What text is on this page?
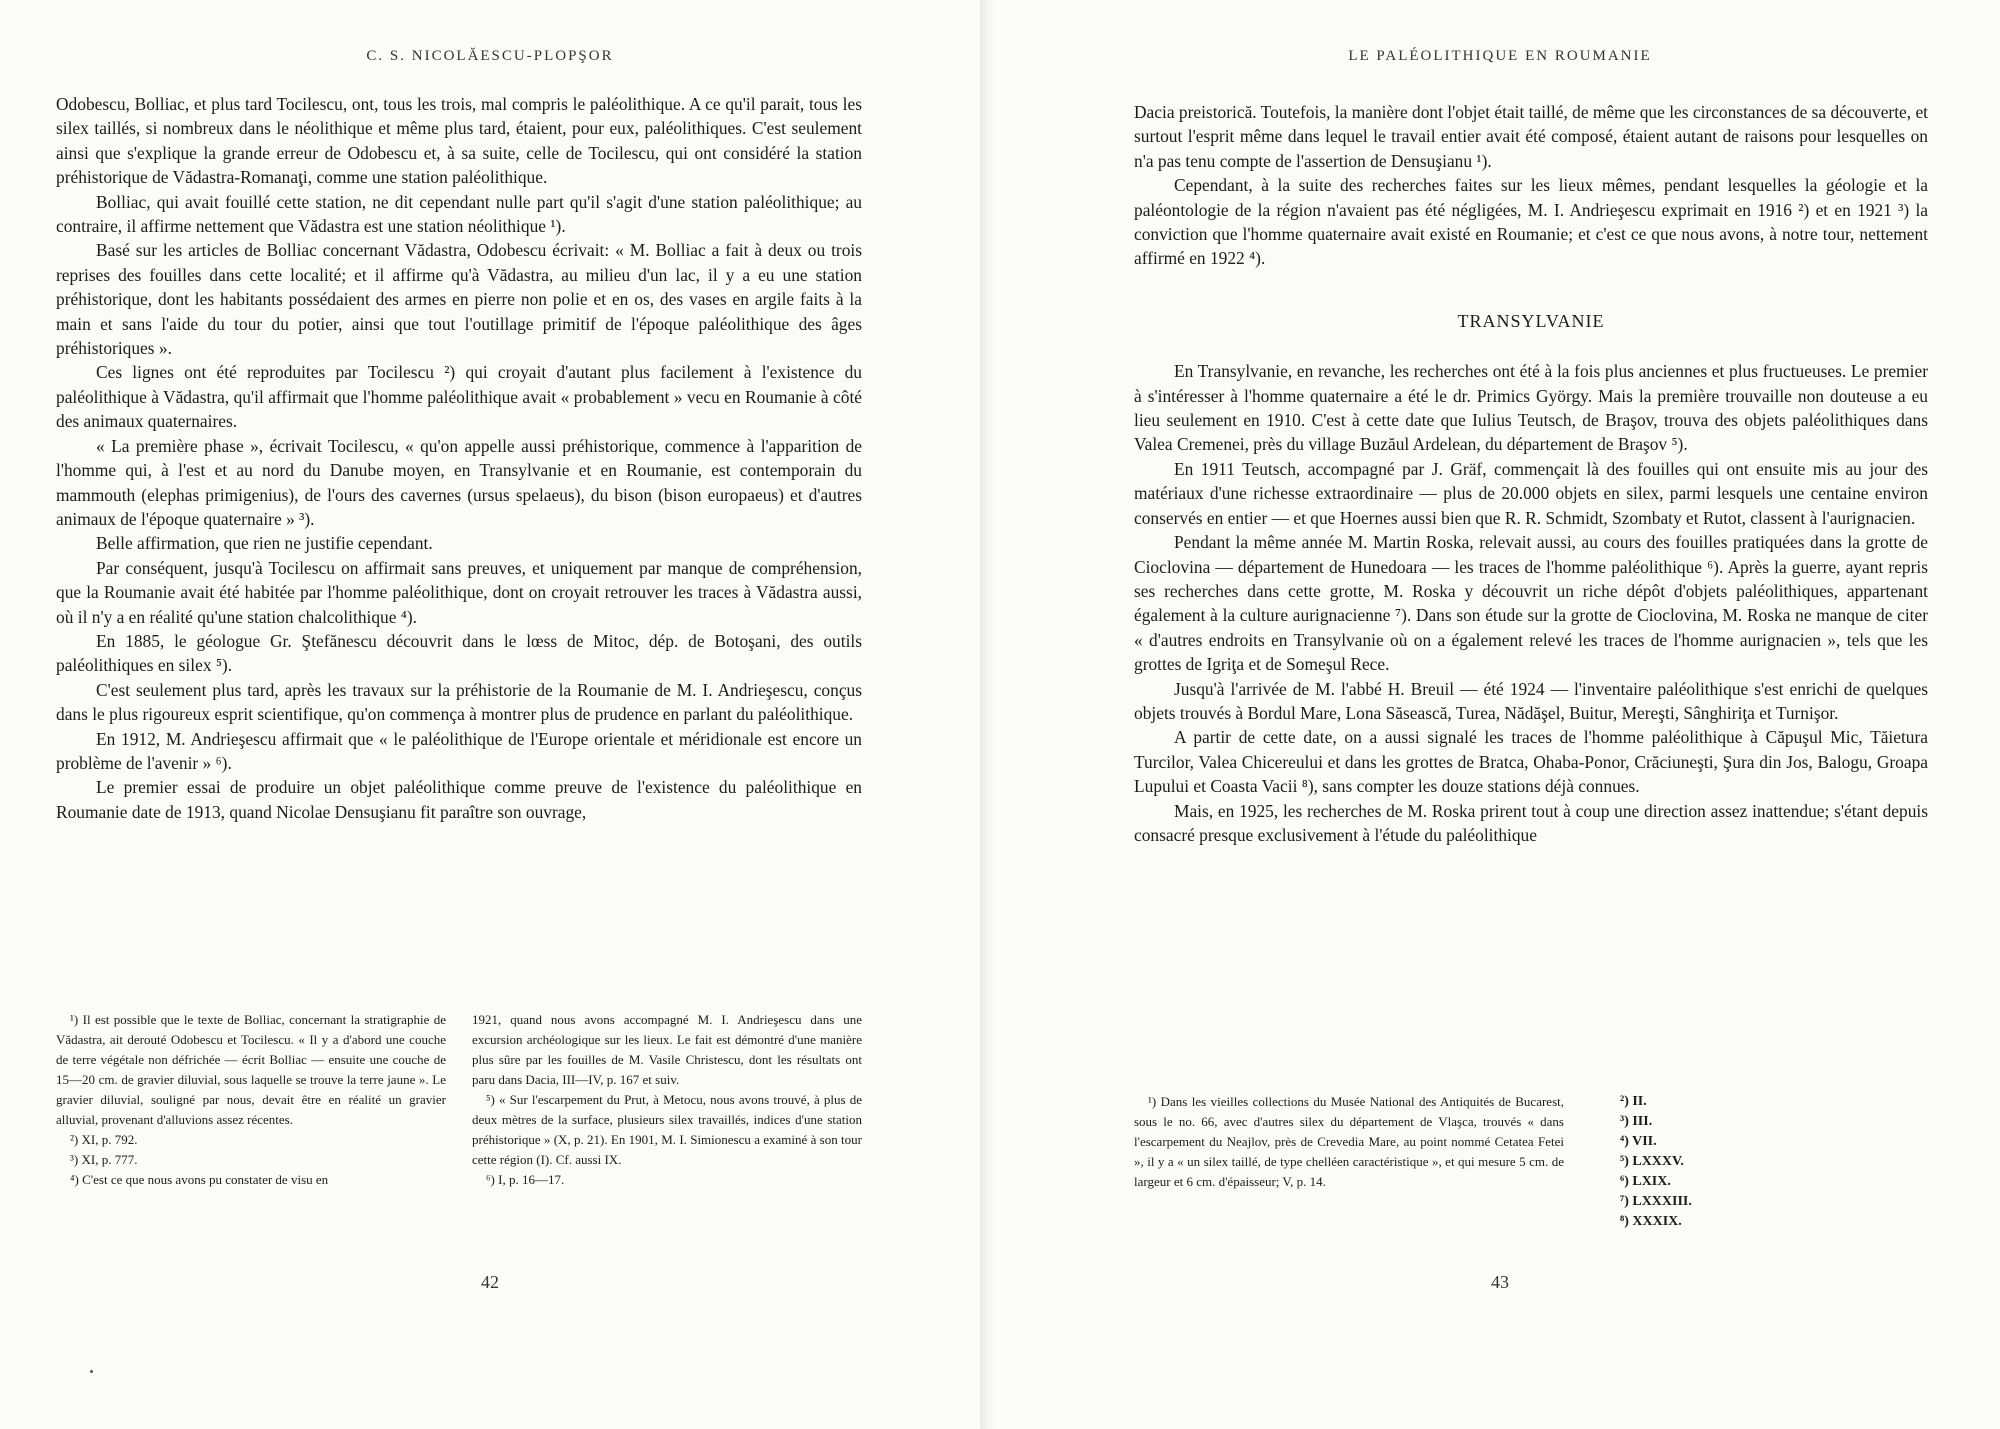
C. S. NICOLĂESCU-PLOPŞOR

Odobescu, Bolliac, et plus tard Tocilescu, ont, tous les trois, mal compris le paléolithique. A ce qu'il parait, tous les silex taillés, si nombreux dans le néolithique et même plus tard, étaient, pour eux, paléolithiques. C'est seulement ainsi que s'explique la grande erreur de Odobescu et, à sa suite, celle de Tocilescu, qui ont considéré la station préhistorique de Vădastra-Romanaţi, comme une station paléolithique.

Bolliac, qui avait fouillé cette station, ne dit cependant nulle part qu'il s'agit d'une station paléolithique; au contraire, il affirme nettement que Vădastra est une station néolithique ¹).

Basé sur les articles de Bolliac concernant Vădastra, Odobescu écrivait: « M. Bolliac a fait à deux ou trois reprises des fouilles dans cette localité; et il affirme qu'à Vădastra, au milieu d'un lac, il y a eu une station préhistorique, dont les habitants possédaient des armes en pierre non polie et en os, des vases en argile faits à la main et sans l'aide du tour du potier, ainsi que tout l'outillage primitif de l'époque paléolithique des âges préhistoriques ».

Ces lignes ont été reproduites par Tocilescu ²) qui croyait d'autant plus facilement à l'existence du paléolithique à Vădastra, qu'il affirmait que l'homme paléolithique avait « probablement » vecu en Roumanie à côté des animaux quaternaires.

« La première phase », écrivait Tocilescu, « qu'on appelle aussi préhistorique, commence à l'apparition de l'homme qui, à l'est et au nord du Danube moyen, en Transylvanie et en Roumanie, est contemporain du mammouth (elephas primigenius), de l'ours des cavernes (ursus spelaeus), du bison (bison europaeus) et d'autres animaux de l'époque quaternaire » ³).

Belle affirmation, que rien ne justifie cependant.

Par conséquent, jusqu'à Tocilescu on affirmait sans preuves, et uniquement par manque de compréhension, que la Roumanie avait été habitée par l'homme paléolithique, dont on croyait retrouver les traces à Vădastra aussi, où il n'y a en réalité qu'une station chalcolithique ⁴).

En 1885, le géologue Gr. Ştefănescu découvrit dans le lœss de Mitoc, dép. de Botoşani, des outils paléolithiques en silex ⁵).

C'est seulement plus tard, après les travaux sur la préhistorie de la Roumanie de M. I. Andrieşescu, conçus dans le plus rigoureux esprit scientifique, qu'on commença à montrer plus de prudence en parlant du paléolithique.

En 1912, M. Andrieşescu affirmait que « le paléolithique de l'Europe orientale et méridionale est encore un problème de l'avenir » ⁶).

Le premier essai de produire un objet paléolithique comme preuve de l'existence du paléolithique en Roumanie date de 1913, quand Nicolae Densuşianu fit paraître son ouvrage,

¹) Il est possible que le texte de Bolliac, concernant la stratigraphie de Vădastra, ait derouté Odobescu et Tocilescu. « Il y a d'abord une couche de terre végétale non défrichée — écrit Bolliac — ensuite une couche de 15—20 cm. de gravier diluvial, sous laquelle se trouve la terre jaune ». Le gravier diluvial, souligné par nous, devait être en réalité un gravier alluvial, provenant d'alluvions assez récentes.

²) XI, p. 792.

³) XI, p. 777.

⁴) C'est ce que nous avons pu constater de visu en

1921, quand nous avons accompagné M. I. Andrieşescu dans une excursion archéologique sur les lieux. Le fait est démontré d'une manière plus sûre par les fouilles de M. Vasile Christescu, dont les résultats ont paru dans Dacia, III—IV, p. 167 et suiv.

⁵) « Sur l'escarpement du Prut, à Metocu, nous avons trouvé, à plus de deux mètres de la surface, plusieurs silex travaillés, indices d'une station préhistorique » (X, p. 21). En 1901, M. I. Simionescu a examiné à son tour cette région (I). Cf. aussi IX.

⁶) I, p. 16—17.

42
LE PALÉOLITHIQUE EN ROUMANIE

Dacia preistorică. Toutefois, la manière dont l'objet était taillé, de même que les circonstances de sa découverte, et surtout l'esprit même dans lequel le travail entier avait été composé, étaient autant de raisons pour lesquelles on n'a pas tenu compte de l'assertion de Densuşianu ¹).

Cependant, à la suite des recherches faites sur les lieux mêmes, pendant lesquelles la géologie et la paléontologie de la région n'avaient pas été négligées, M. I. Andrieşescu exprimait en 1916 ²) et en 1921 ³) la conviction que l'homme quaternaire avait existé en Roumanie; et c'est ce que nous avons, à notre tour, nettement affirmé en 1922 ⁴).

TRANSYLVANIE

En Transylvanie, en revanche, les recherches ont été à la fois plus anciennes et plus fructueuses. Le premier à s'intéresser à l'homme quaternaire a été le dr. Primics György. Mais la première trouvaille non douteuse a eu lieu seulement en 1910. C'est à cette date que Iulius Teutsch, de Braşov, trouva des objets paléolithiques dans Valea Cremenei, près du village Buzăul Ardelean, du département de Braşov ⁵).

En 1911 Teutsch, accompagné par J. Gräf, commençait là des fouilles qui ont ensuite mis au jour des matériaux d'une richesse extraordinaire — plus de 20.000 objets en silex, parmi lesquels une centaine environ conservés en entier — et que Hoernes aussi bien que R. R. Schmidt, Szombaty et Rutot, classent à l'aurignacien.

Pendant la même année M. Martin Roska, relevait aussi, au cours des fouilles pratiquées dans la grotte de Cioclovina — département de Hunedoara — les traces de l'homme paléolithique ⁶). Après la guerre, ayant repris ses recherches dans cette grotte, M. Roska y découvrit un riche dépôt d'objets paléolithiques, appartenant également à la culture aurignacienne ⁷). Dans son étude sur la grotte de Cioclovina, M. Roska ne manque de citer « d'autres endroits en Transylvanie où on a également relevé les traces de l'homme aurignacien », tels que les grottes de Igriţa et de Someşul Rece.

Jusqu'à l'arrivée de M. l'abbé H. Breuil — été 1924 — l'inventaire paléolithique s'est enrichi de quelques objets trouvés à Bordul Mare, Lona Săsească, Turea, Nădăşel, Buitur, Mereşti, Sânghiriţa et Turnişor.

A partir de cette date, on a aussi signalé les traces de l'homme paléolithique à Căpuşul Mic, Tăietura Turcilor, Valea Chicereului et dans les grottes de Bratca, Ohaba-Ponor, Crăciuneşti, Şura din Jos, Balogu, Groapa Lupului et Coasta Vacii ⁸), sans compter les douze stations déjà connues.

Mais, en 1925, les recherches de M. Roska prirent tout à coup une direction assez inattendue; s'étant depuis consacré presque exclusivement à l'étude du paléolithique

¹) Dans les vieilles collections du Musée National des Antiquités de Bucarest, sous le no. 66, avec d'autres silex du département de Vlaşca, trouvés « dans l'escarpement du Neajlov, près de Crevedia Mare, au point nommé Cetatea Fetei », il y a « un silex taillé, de type chelléen caractéristique », et qui mesure 5 cm. de largeur et 6 cm. d'épaisseur; V, p. 14.

²) II.

³) III.

⁴) VII.

⁵) LXXXV.

⁶) LXIX.

⁷) LXXXIII.

⁸) XXXIX.

43
